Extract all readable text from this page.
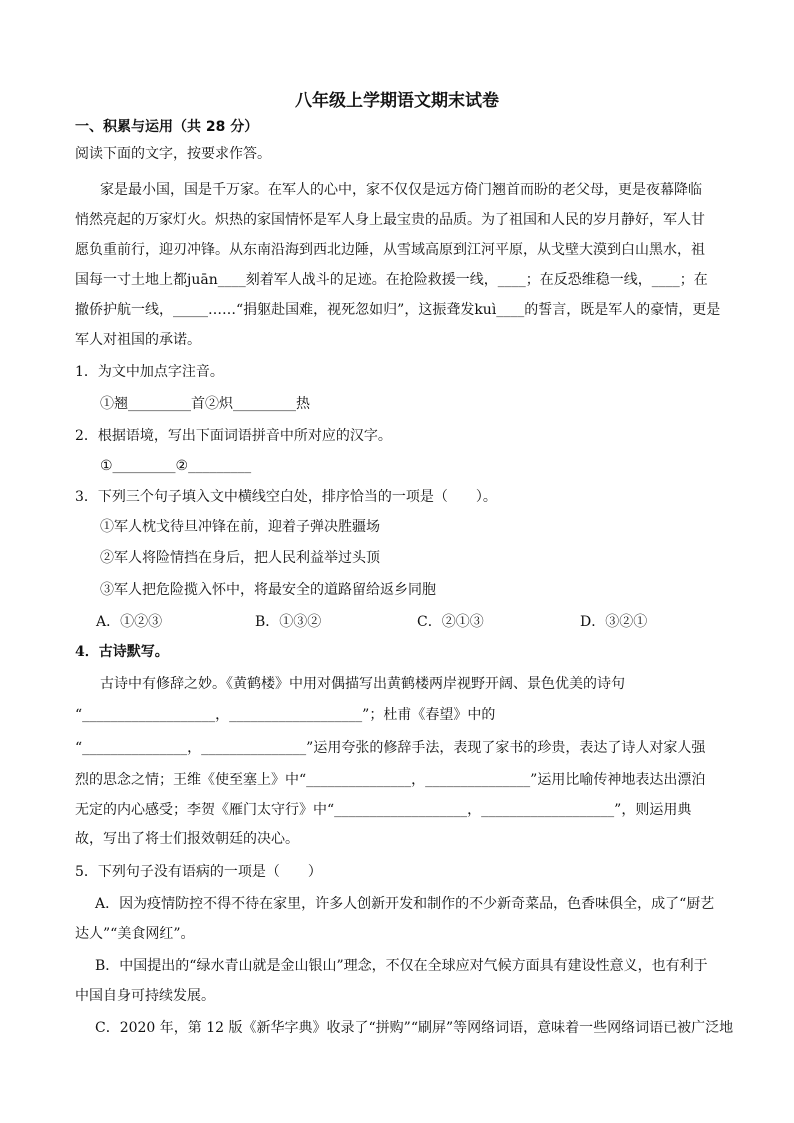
八年级上学期语文期末试卷
一、积累与运用（共 28 分）
阅读下面的文字，按要求作答。
家是最小国，国是千万家。在军人的心中，家不仅仅是远方倚门翘首而盼的老父母，更是夜幕降临
悄然亮起的万家灯火。炽热的家国情怀是军人身上最宝贵的品质。为了祖国和人民的岁月静好，军人甘
愿负重前行，迎刃冲锋。从东南沿海到西北边陲，从雪域高原到江河平原，从戈壁大漠到白山黑水，祖
国每一寸土地上都juān____刻着军人战斗的足迹。在抢险救援一线，____；在反恐维稳一线，____；在
撤侨护航一线，_____……“捐躯赴国难，视死忽如归”，这振聋发kuì____的誓言，既是军人的豪情，更是
军人对祖国的承诺。
1．为文中加点字注音。
①翘_________首②炽_________热
2．根据语境，写出下面词语拼音中所对应的汉字。
①_________②_________
3．下列三个句子填入文中横线空白处，排序恰当的一项是（　　）。
①军人枕戈待旦冲锋在前，迎着子弹决胜疆场
②军人将险情挡在身后，把人民利益举过头顶
③军人把危险揽入怀中，将最安全的道路留给返乡同胞
A．①②③	B．①③②	C．②①③	D．③②①
4．古诗默写。
古诗中有修辞之妙。《黄鹤楼》中用对偶描写出黄鹤楼两岸视野开阔、景色优美的诗句
“___________________，___________________”；杜甫《春望》中的
“_______________，_______________”运用夸张的修辞手法，表现了家书的珍贵，表达了诗人对家人强
烈的思念之情；王维《使至塞上》中“_______________，_______________”运用比喻传神地表达出漂泊
无定的内心感受；李贺《雁门太守行》中“___________________，___________________”，则运用典
故，写出了将士们报效朝廷的决心。
5．下列句子没有语病的一项是（　　）
A．因为疫情防控不得不待在家里，许多人创新开发和制作的不少新奇菜品，色香味俱全，成了“厨艺
达人”“美食网红”。
B．中国提出的“绿水青山就是金山银山”理念，不仅在全球应对气候方面具有建设性意义，也有利于
中国自身可持续发展。
C．2020 年，第 12 版《新华字典》收录了“拼购”“刷屏”等网络词语，意味着一些网络词语已被广泛地
